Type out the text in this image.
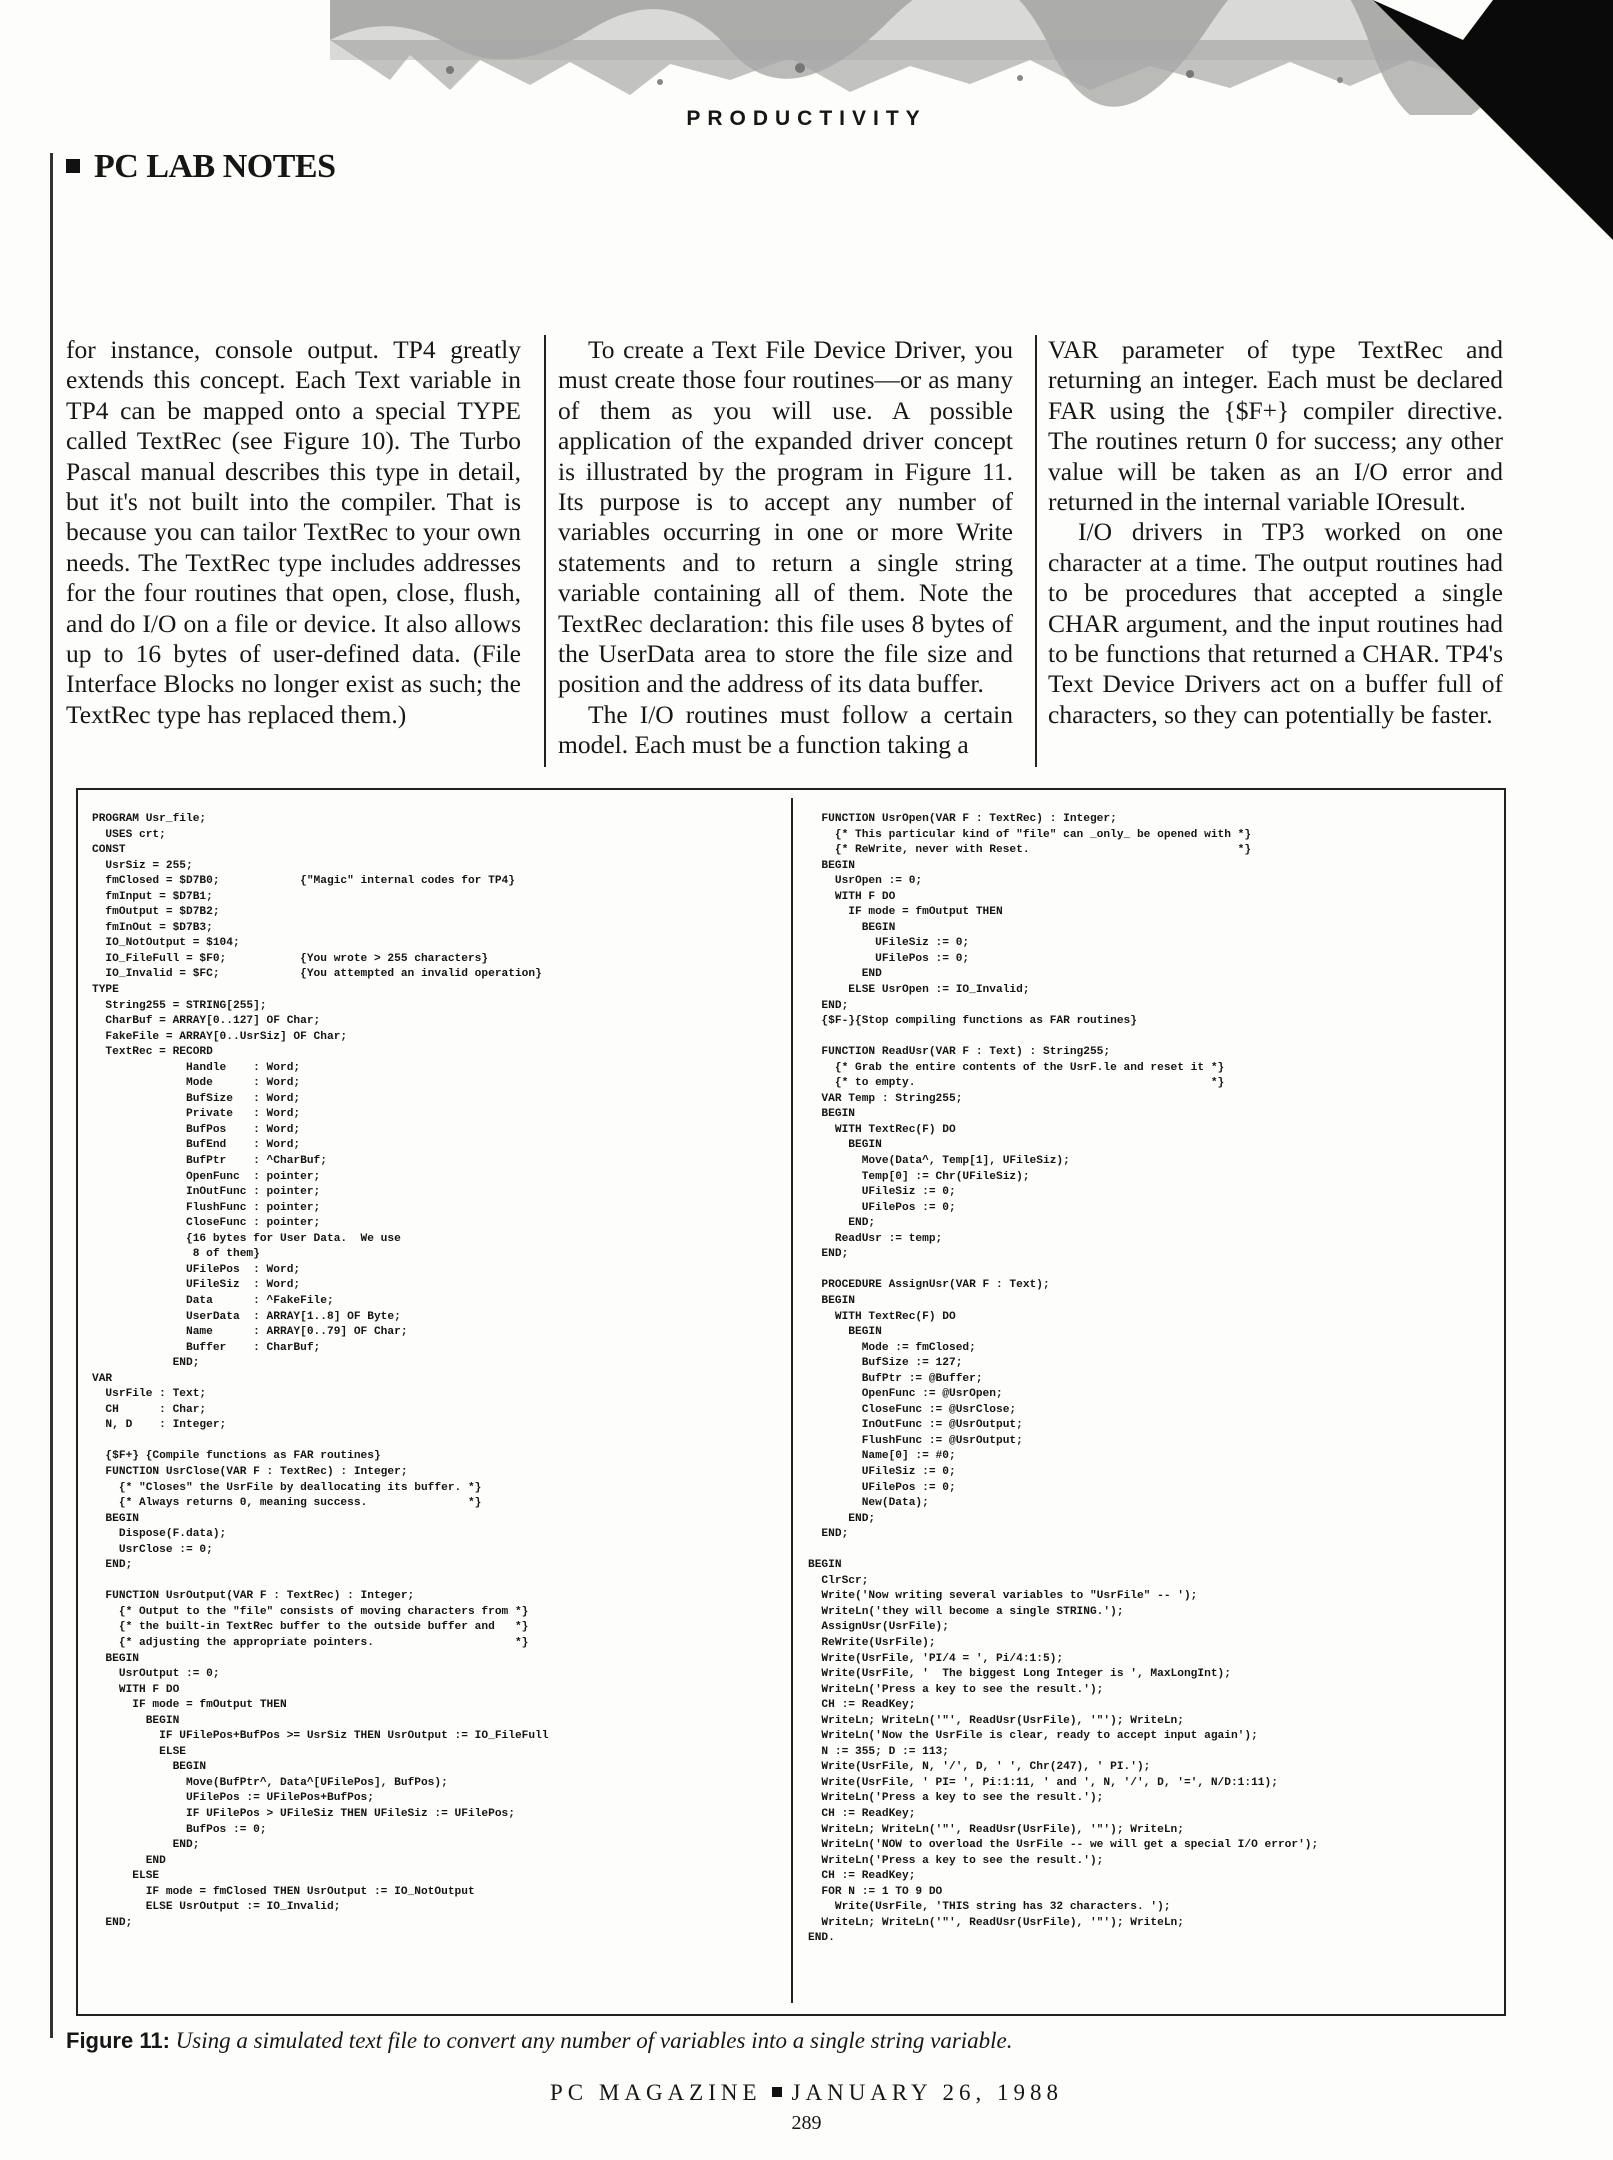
PRODUCTIVITY
PC LAB NOTES

for instance, console output. TP4 greatly extends this concept. Each Text variable in TP4 can be mapped onto a special TYPE called TextRec (see Figure 10). The Turbo Pascal manual describes this type in detail, but it's not built into the compiler. That is because you can tailor TextRec to your own needs. The TextRec type includes addresses for the four routines that open, close, flush, and do I/O on a file or device. It also allows up to 16 bytes of user-defined data. (File Interface Blocks no longer exist as such; the TextRec type has replaced them.)

To create a Text File Device Driver, you must create those four routines—or as many of them as you will use. A possible application of the expanded driver concept is illustrated by the program in Figure 11. Its purpose is to accept any number of variables occurring in one or more Write statements and to return a single string variable containing all of them. Note the TextRec declaration: this file uses 8 bytes of the UserData area to store the file size and position and the address of its data buffer.

The I/O routines must follow a certain model. Each must be a function taking a

VAR parameter of type TextRec and returning an integer. Each must be declared FAR using the {$F+} compiler directive. The routines return 0 for success; any other value will be taken as an I/O error and returned in the internal variable IOresult.

I/O drivers in TP3 worked on one character at a time. The output routines had to be procedures that accepted a single CHAR argument, and the input routines had to be functions that returned a CHAR. TP4's Text Device Drivers act on a buffer full of characters, so they can potentially be faster.

PROGRAM Usr_file;
USES crt;
CONST
UsrSiz = 255;
fmClosed = $D7B0;            {"Magic" internal codes for TP4}
fmInput = $D7B1;
fmOutput = $D7B2;
fmInOut = $D7B3;
IO_NotOutput = $104;
IO_FileFull = $F0;           {You wrote > 255 characters}
IO_Invalid = $FC;            {You attempted an invalid operation}
TYPE
String255 = STRING[255];
CharBuf = ARRAY[0..127] OF Char;
FakeFile = ARRAY[0..UsrSiz] OF Char;
TextRec = RECORD
Handle    : Word;
Mode      : Word;
BufSize   : Word;
Private   : Word;
BufPos    : Word;
BufEnd    : Word;
BufPtr    : ^CharBuf;
OpenFunc  : pointer;
InOutFunc : pointer;
FlushFunc : pointer;
CloseFunc : pointer;
{16 bytes for User Data.  We use
8 of them}
UFilePos  : Word;
UFileSiz  : Word;
Data      : ^FakeFile;
UserData  : ARRAY[1..8] OF Byte;
Name      : ARRAY[0..79] OF Char;
Buffer    : CharBuf;
END;
VAR
UsrFile : Text;
CH      : Char;
N, D    : Integer;

{$F+} {Compile functions as FAR routines}
FUNCTION UsrClose(VAR F : TextRec) : Integer;
{* "Closes" the UsrFile by deallocating its buffer. *}
{* Always returns 0, meaning success.               *}
BEGIN
Dispose(F.data);
UsrClose := 0;
END;

FUNCTION UsrOutput(VAR F : TextRec) : Integer;
{* Output to the "file" consists of moving characters from *}
{* the built-in TextRec buffer to the outside buffer and   *}
{* adjusting the appropriate pointers.                     *}
BEGIN
UsrOutput := 0;
WITH F DO
IF mode = fmOutput THEN
BEGIN
IF UFilePos+BufPos >= UsrSiz THEN UsrOutput := IO_FileFull
ELSE
BEGIN
Move(BufPtr^, Data^[UFilePos], BufPos);
UFilePos := UFilePos+BufPos;
IF UFilePos > UFileSiz THEN UFileSiz := UFilePos;
BufPos := 0;
END;
END
ELSE
IF mode = fmClosed THEN UsrOutput := IO_NotOutput
ELSE UsrOutput := IO_Invalid;
END;
FUNCTION UsrOpen(VAR F : TextRec) : Integer;
{* This particular kind of "file" can _only_ be opened with *}
{* ReWrite, never with Reset.                               *}
BEGIN
UsrOpen := 0;
WITH F DO
IF mode = fmOutput THEN
BEGIN
UFileSiz := 0;
UFilePos := 0;
END
ELSE UsrOpen := IO_Invalid;
END;
{$F-}{Stop compiling functions as FAR routines}

FUNCTION ReadUsr(VAR F : Text) : String255;
{* Grab the entire contents of the UsrF.le and reset it *}
{* to empty.                                            *}
VAR Temp : String255;
BEGIN
WITH TextRec(F) DO
BEGIN
Move(Data^, Temp[1], UFileSiz);
Temp[0] := Chr(UFileSiz);
UFileSiz := 0;
UFilePos := 0;
END;
ReadUsr := temp;
END;

PROCEDURE AssignUsr(VAR F : Text);
BEGIN
WITH TextRec(F) DO
BEGIN
Mode := fmClosed;
BufSize := 127;
BufPtr := @Buffer;
OpenFunc := @UsrOpen;
CloseFunc := @UsrClose;
InOutFunc := @UsrOutput;
FlushFunc := @UsrOutput;
Name[0] := #0;
UFileSiz := 0;
UFilePos := 0;
New(Data);
END;
END;

BEGIN
ClrScr;
Write('Now writing several variables to "UsrFile" -- ');
WriteLn('they will become a single STRING.');
AssignUsr(UsrFile);
ReWrite(UsrFile);
Write(UsrFile, 'PI/4 = ', Pi/4:1:5);
Write(UsrFile, '  The biggest Long Integer is ', MaxLongInt);
WriteLn('Press a key to see the result.');
CH := ReadKey;
WriteLn; WriteLn('"', ReadUsr(UsrFile), '"'); WriteLn;
WriteLn('Now the UsrFile is clear, ready to accept input again');
N := 355; D := 113;
Write(UsrFile, N, '/', D, ' ', Chr(247), ' PI.');
Write(UsrFile, ' PI= ', Pi:1:11, ' and ', N, '/', D, '=', N/D:1:11);
WriteLn('Press a key to see the result.');
CH := ReadKey;
WriteLn; WriteLn('"', ReadUsr(UsrFile), '"'); WriteLn;
WriteLn('NOW to overload the UsrFile -- we will get a special I/O error');
WriteLn('Press a key to see the result.');
CH := ReadKey;
FOR N := 1 TO 9 DO
Write(UsrFile, 'THIS string has 32 characters. ');
WriteLn; WriteLn('"', ReadUsr(UsrFile), '"'); WriteLn;
END.
Figure 11: Using a simulated text file to convert any number of variables into a single string variable.
PC MAGAZINE JANUARY 26, 1988
289
